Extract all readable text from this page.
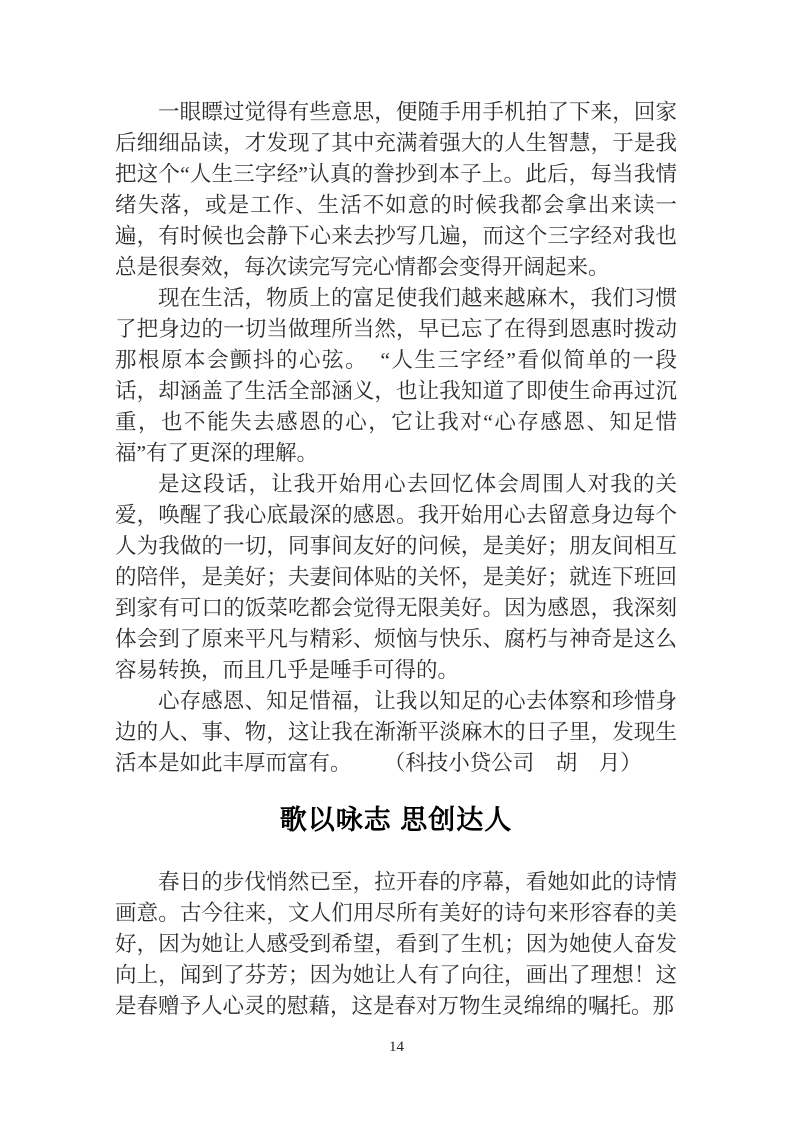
一眼瞟过觉得有些意思，便随手用手机拍了下来，回家后细细品读，才发现了其中充满着强大的人生智慧，于是我把这个“人生三字经”认真的誊抄到本子上。此后，每当我情绪失落，或是工作、生活不如意的时候我都会拿出来读一遍，有时候也会静下心来去抄写几遍，而这个三字经对我也总是很奏效，每次读完写完心情都会变得开阔起来。

现在生活，物质上的富足使我们越来越麻木，我们习惯了把身边的一切当做理所当然，早已忘了在得到恩惠时拨动那根原本会颤抖的心弦。　“人生三字经”看似简单的一段话，却涵盖了生活全部涵义，也让我知道了即使生命再过沉重，也不能失去感恩的心，它让我对“心存感恩、知足惜福”有了更深的理解。

是这段话，让我开始用心去回忆体会周围人对我的关爱，唤醒了我心底最深的感恩。我开始用心去留意身边每个人为我做的一切，同事间友好的问候，是美好；朋友间相互的陪伴，是美好；夫妻间体贴的关怀，是美好；就连下班回到家有可口的饭菜吃都会觉得无限美好。因为感恩，我深刻体会到了原来平凡与精彩、烦恼与快乐、腐朽与神奇是这么容易转换，而且几乎是唾手可得的。

心存感恩、知足惜福，让我以知足的心去体察和珍惜身边的人、事、物，这让我在渐渐平淡麻木的日子里，发现生活本是如此丰厚而富有。 （科技小贷公司　胡　月）

歌以咏志 思创达人

春日的步伐悄然已至，拉开春的序幕，看她如此的诗情画意。古今往来，文人们用尽所有美好的诗句来形容春的美好，因为她让人感受到希望，看到了生机；因为她使人奋发向上，闻到了芬芳；因为她让人有了向往，画出了理想！这是春赠予人心灵的慰藉，这是春对万物生灵绵绵的嘱托。那

14
